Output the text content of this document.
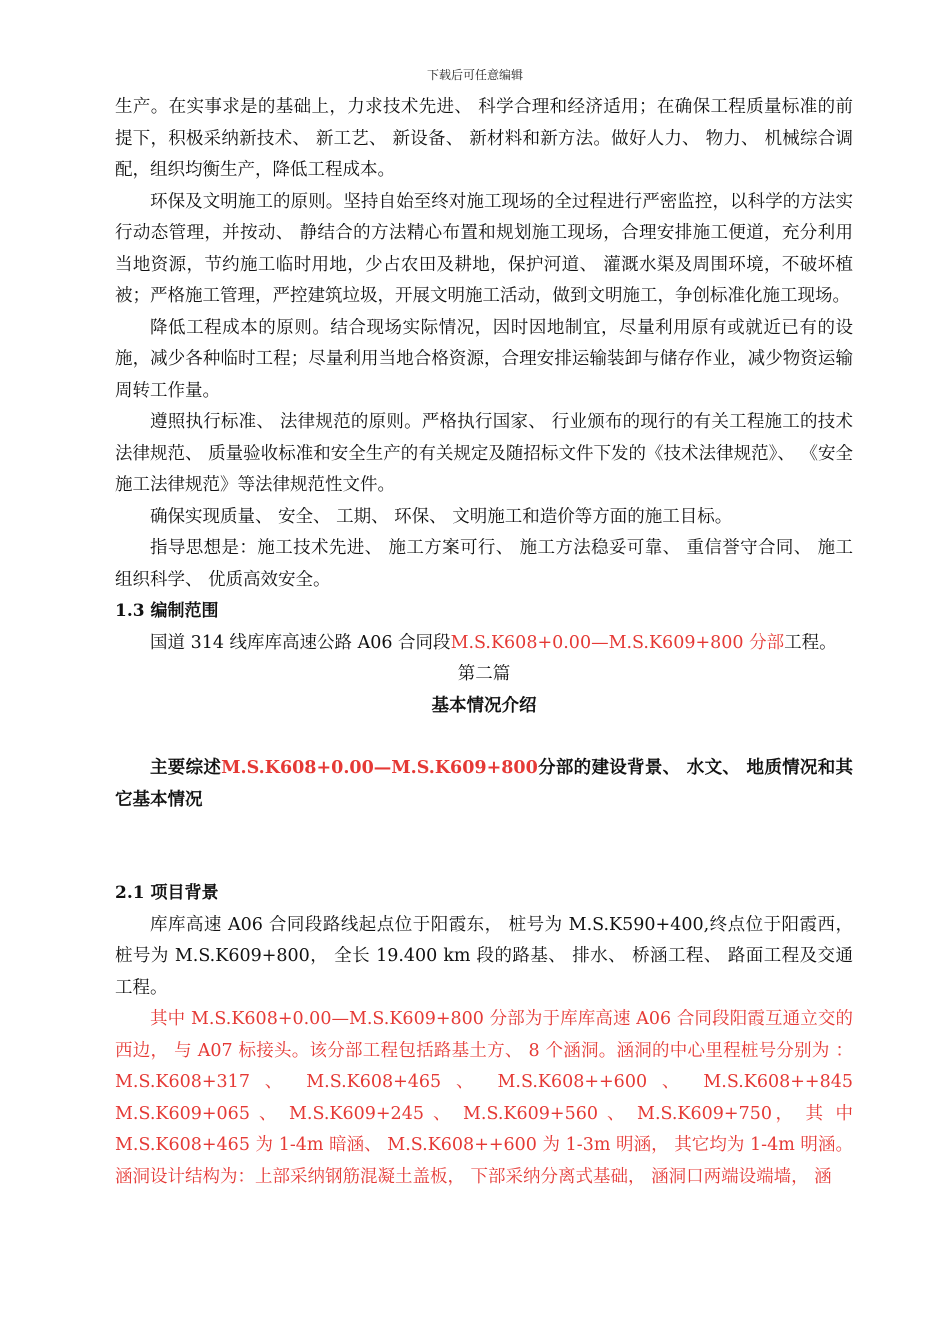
下载后可任意编辑

生产。在实事求是的基础上，力求技术先进、 科学合理和经济适用；在确保工程质量标准的前提下，积极采纳新技术、 新工艺、 新设备、 新材料和新方法。做好人力、 物力、 机械综合调配，组织均衡生产，降低工程成本。

环保及文明施工的原则。坚持自始至终对施工现场的全过程进行严密监控，以科学的方法实行动态管理，并按动、 静结合的方法精心布置和规划施工现场，合理安排施工便道，充分利用当地资源，节约施工临时用地，少占农田及耕地，保护河道、 灌溉水渠及周围环境，不破坏植被；严格施工管理，严控建筑垃圾，开展文明施工活动，做到文明施工，争创标准化施工现场。

降低工程成本的原则。结合现场实际情况，因时因地制宜，尽量利用原有或就近已有的设施，减少各种临时工程；尽量利用当地合格资源，合理安排运输装卸与储存作业，减少物资运输周转工作量。

遵照执行标准、 法律规范的原则。严格执行国家、 行业颁布的现行的有关工程施工的技术法律规范、 质量验收标准和安全生产的有关规定及随招标文件下发的《技术法律规范》、 《安全施工法律规范》等法律规范性文件。

确保实现质量、 安全、 工期、 环保、 文明施工和造价等方面的施工目标。

指导思想是：施工技术先进、 施工方案可行、 施工方法稳妥可靠、 重信誉守合同、 施工组织科学、 优质高效安全。

1.3 编制范围

国道 314 线库库高速公路 A06 合同段M.S.K608+0.00—M.S.K609+800 分部工程。

第二篇

基本情况介绍

主要综述M.S.K608+0.00—M.S.K609+800分部的建设背景、 水文、 地质情况和其它基本情况

2.1 项目背景

库库高速 A06 合同段路线起点位于阳霞东， 桩号为 M.S.K590+400,终点位于阳霞西，桩号为 M.S.K609+800， 全长 19.400 km 段的路基、 排水、 桥涵工程、 路面工程及交通工程。

其中 M.S.K608+0.00—M.S.K609+800 分部为于库库高速 A06 合同段阳霞互通立交的西边， 与 A07 标接头。该分部工程包括路基土方、 8 个涵洞。涵洞的中心里程桩号分别为 ： M.S.K608+317 、 M.S.K608+465 、 M.S.K608++600 、 M.S.K608++845 M.S.K609+065 、 M.S.K609+245 、 M.S.K609+560 、 M.S.K609+750， 其 中 M.S.K608+465 为 1-4m 暗涵、 M.S.K608++600 为 1-3m 明涵， 其它均为 1-4m 明涵。涵洞设计结构为：上部采纳钢筋混凝土盖板， 下部采纳分离式基础， 涵洞口两端设端墙， 涵
